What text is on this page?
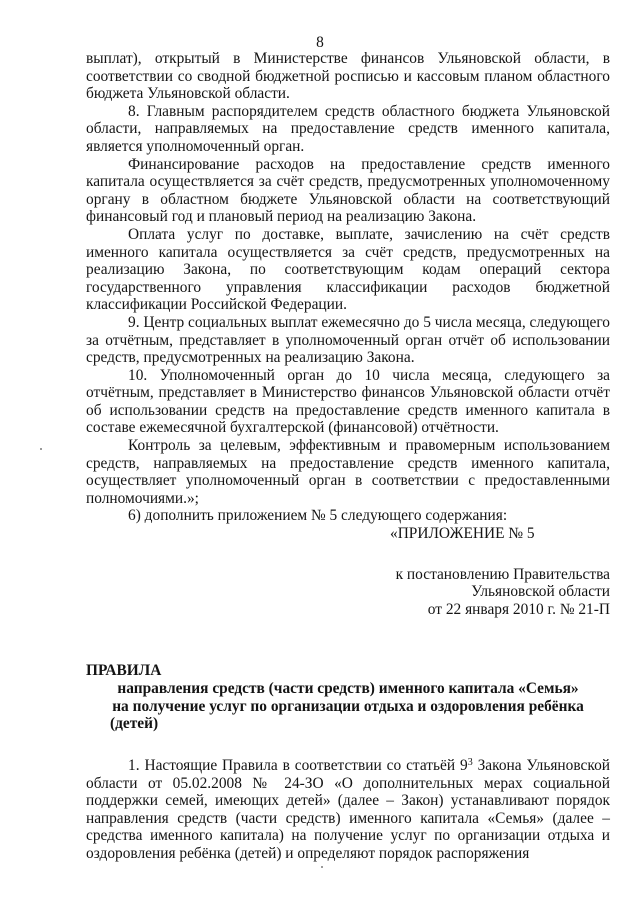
8

выплат), открытый в Министерстве финансов Ульяновской области, в соответствии со сводной бюджетной росписью и кассовым планом областного бюджета Ульяновской области.

8. Главным распорядителем средств областного бюджета Ульяновской области, направляемых на предоставление средств именного капитала, является уполномоченный орган.

Финансирование расходов на предоставление средств именного капитала осуществляется за счёт средств, предусмотренных уполномоченному органу в областном бюджете Ульяновской области на соответствующий финансовый год и плановый период на реализацию Закона.

Оплата услуг по доставке, выплате, зачислению на счёт средств именного капитала осуществляется за счёт средств, предусмотренных на реализацию Закона, по соответствующим кодам операций сектора государственного управления классификации расходов бюджетной классификации Российской Федерации.

9. Центр социальных выплат ежемесячно до 5 числа месяца, следующего за отчётным, представляет в уполномоченный орган отчёт об использовании средств, предусмотренных на реализацию Закона.

10. Уполномоченный орган до 10 числа месяца, следующего за отчётным, представляет в Министерство финансов Ульяновской области отчёт об использовании средств на предоставление средств именного капитала в составе ежемесячной бухгалтерской (финансовой) отчётности.

Контроль за целевым, эффективным и правомерным использованием средств, направляемых на предоставление средств именного капитала, осуществляет уполномоченный орган в соответствии с предоставленными полномочиями.»;

6) дополнить приложением № 5 следующего содержания:

«ПРИЛОЖЕНИЕ № 5

к постановлению Правительства
Ульяновской области
от 22 января 2010 г. № 21-П

ПРАВИЛА

направления средств (части средств) именного капитала «Семья» на получение услуг по организации отдыха и оздоровления ребёнка (детей)

1. Настоящие Правила в соответствии со статьёй $9^3$ Закона Ульяновской области от 05.02.2008 № 24-ЗО «О дополнительных мерах социальной поддержки семей, имеющих детей» (далее – Закон) устанавливают порядок направления средств (части средств) именного капитала «Семья» (далее – средства именного капитала) на получение услуг по организации отдыха и оздоровления ребёнка (детей) и определяют порядок распоряжения
